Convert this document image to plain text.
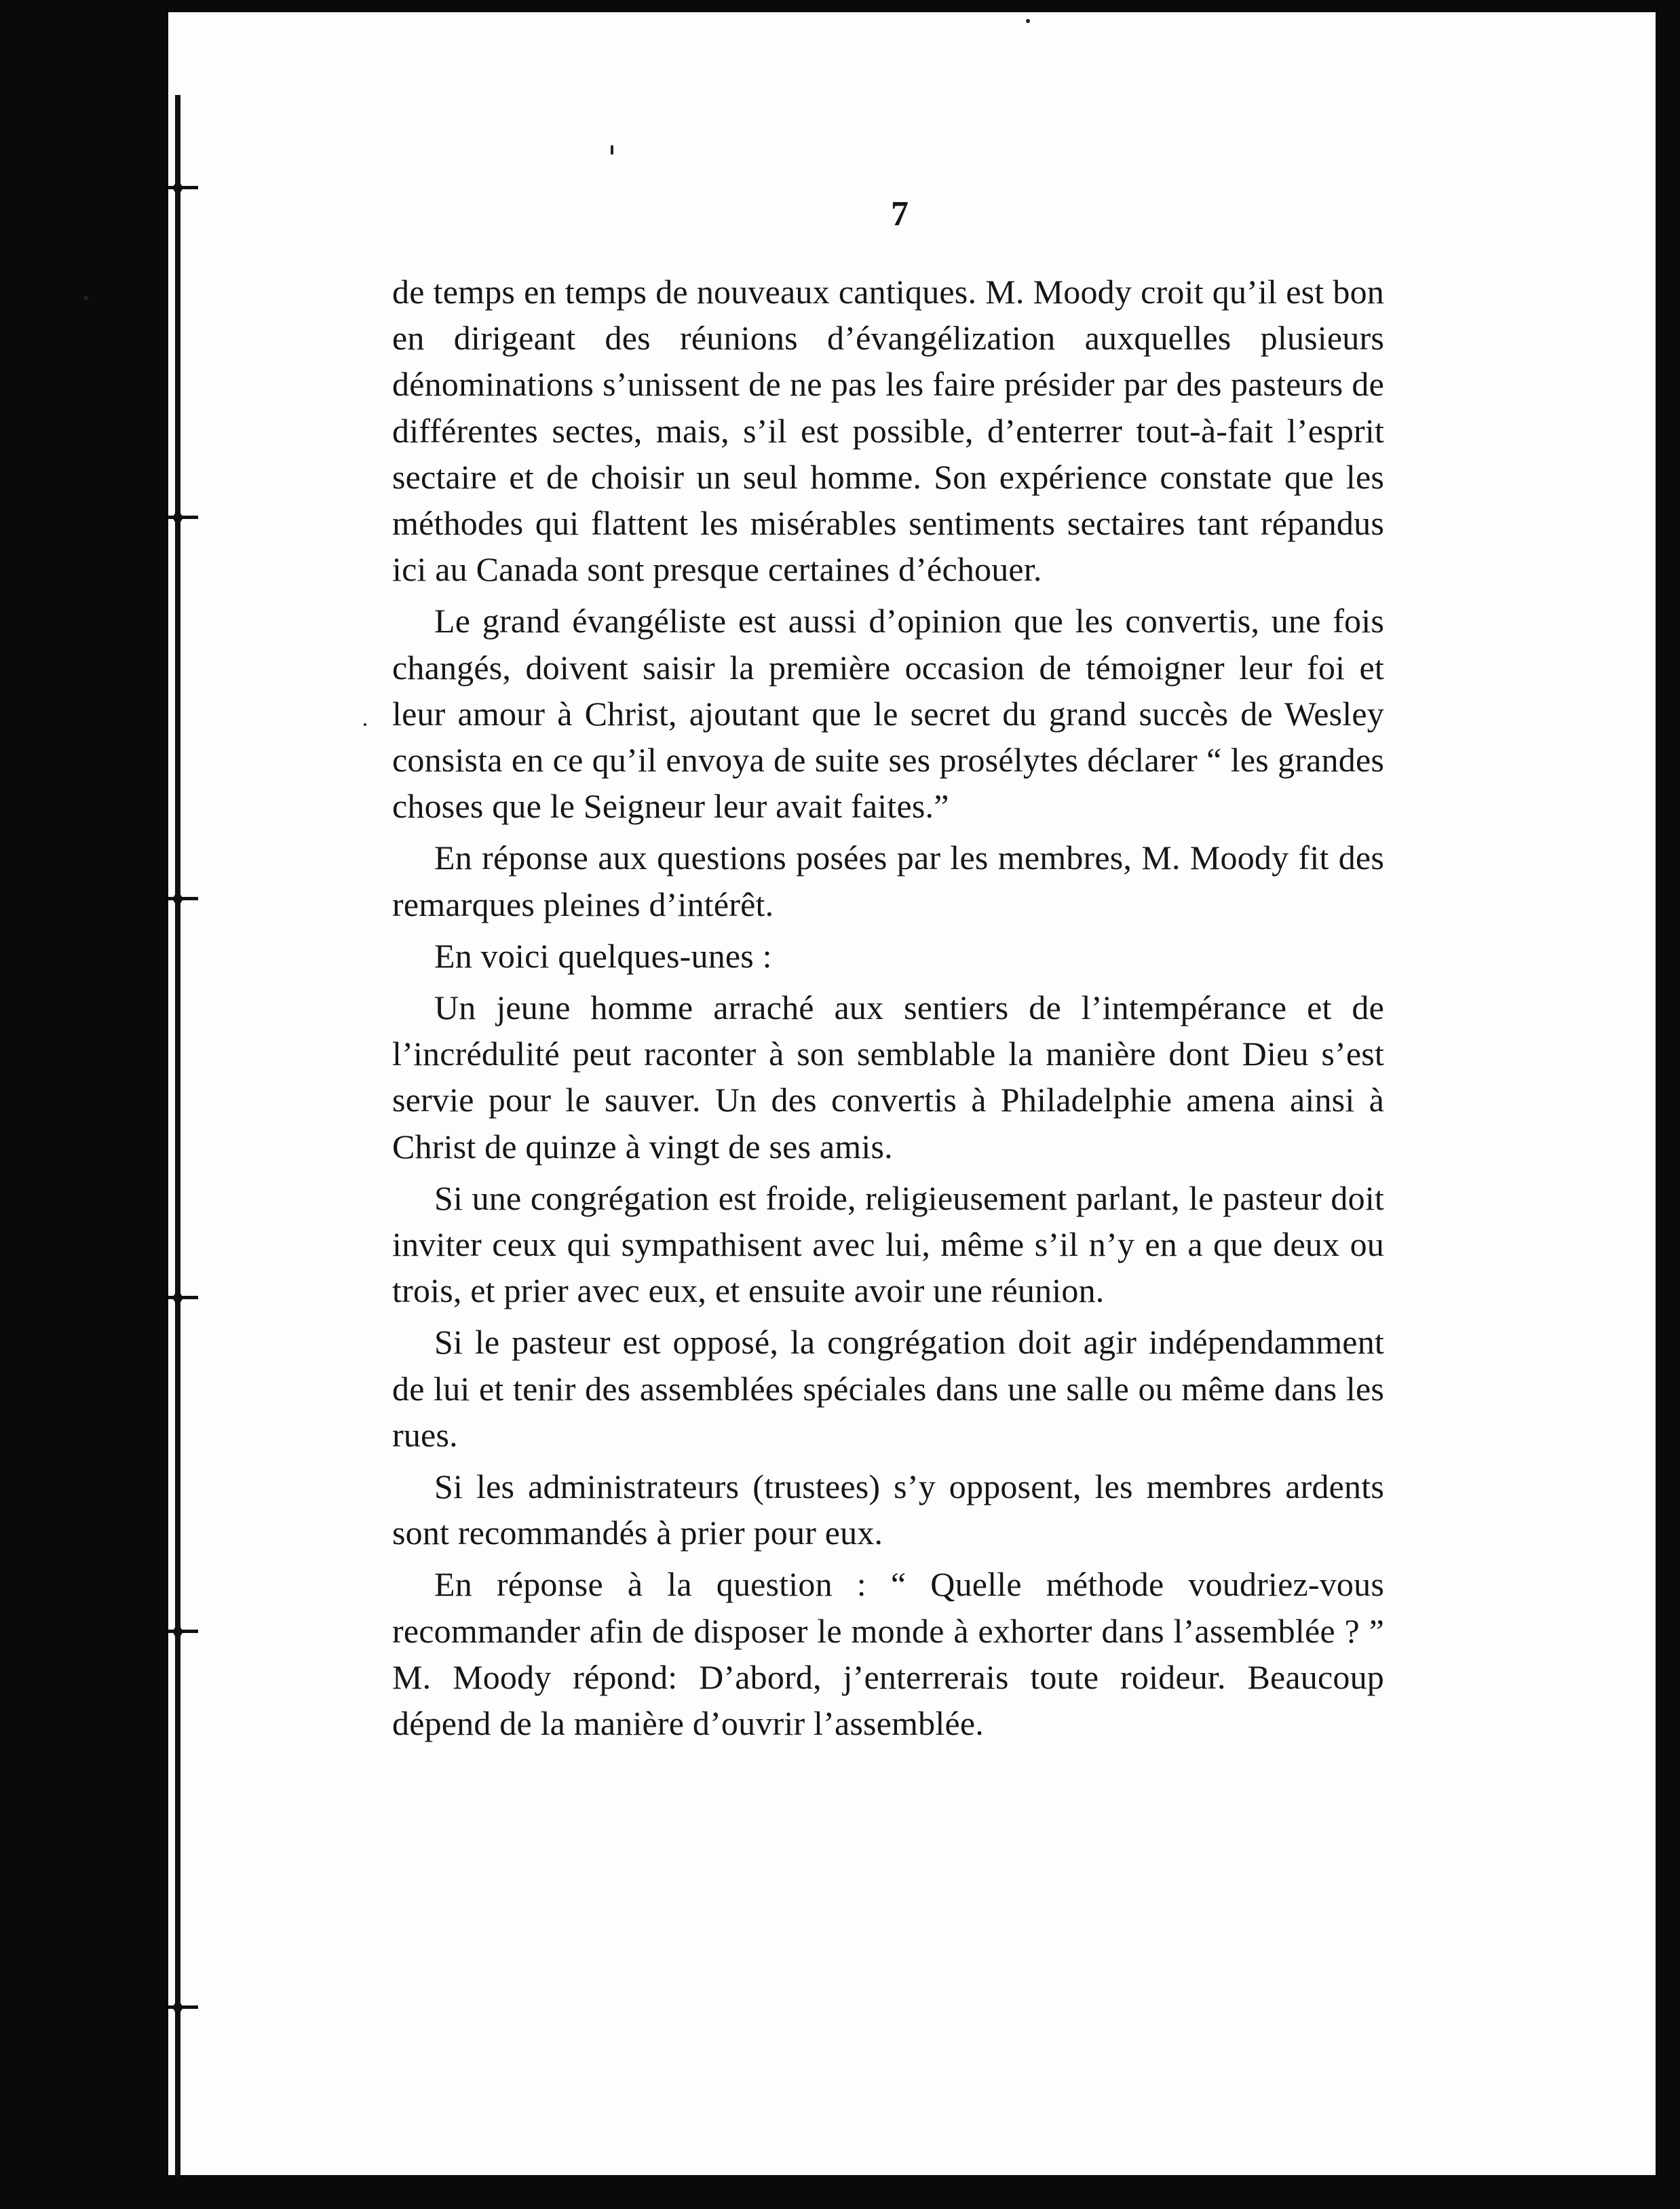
7

de temps en temps de nouveaux cantiques. M. Moody croit qu’il est bon en dirigeant des réunions d’évangélization auxquelles plusieurs dénominations s’unissent de ne pas les faire présider par des pasteurs de différentes sectes, mais, s’il est possible, d’enterrer tout-à-fait l’esprit sectaire et de choisir un seul homme. Son expérience constate que les méthodes qui flattent les misérables sentiments sectaires tant répandus ici au Canada sont presque certaines d’échouer.

Le grand évangéliste est aussi d’opinion que les convertis, une fois changés, doivent saisir la première occasion de témoigner leur foi et leur amour à Christ, ajoutant que le secret du grand succès de Wesley consista en ce qu’il envoya de suite ses prosélytes déclarer “ les grandes choses que le Seigneur leur avait faites.”

En réponse aux questions posées par les membres, M. Moody fit des remarques pleines d’intérêt.

En voici quelques-unes :

Un jeune homme arraché aux sentiers de l’intempérance et de l’incrédulité peut raconter à son semblable la manière dont Dieu s’est servie pour le sauver. Un des convertis à Philadelphie amena ainsi à Christ de quinze à vingt de ses amis.

Si une congrégation est froide, religieusement parlant, le pasteur doit inviter ceux qui sympathisent avec lui, même s’il n’y en a que deux ou trois, et prier avec eux, et ensuite avoir une réunion.

Si le pasteur est opposé, la congrégation doit agir indépendamment de lui et tenir des assemblées spéciales dans une salle ou même dans les rues.

Si les administrateurs (trustees) s’y opposent, les membres ardents sont recommandés à prier pour eux.

En réponse à la question : “ Quelle méthode voudriez-vous recommander afin de disposer le monde à exhorter dans l’assemblée ? ” M. Moody répond: D’abord, j’enterrerais toute roideur. Beaucoup dépend de la manière d’ouvrir l’assemblée.
